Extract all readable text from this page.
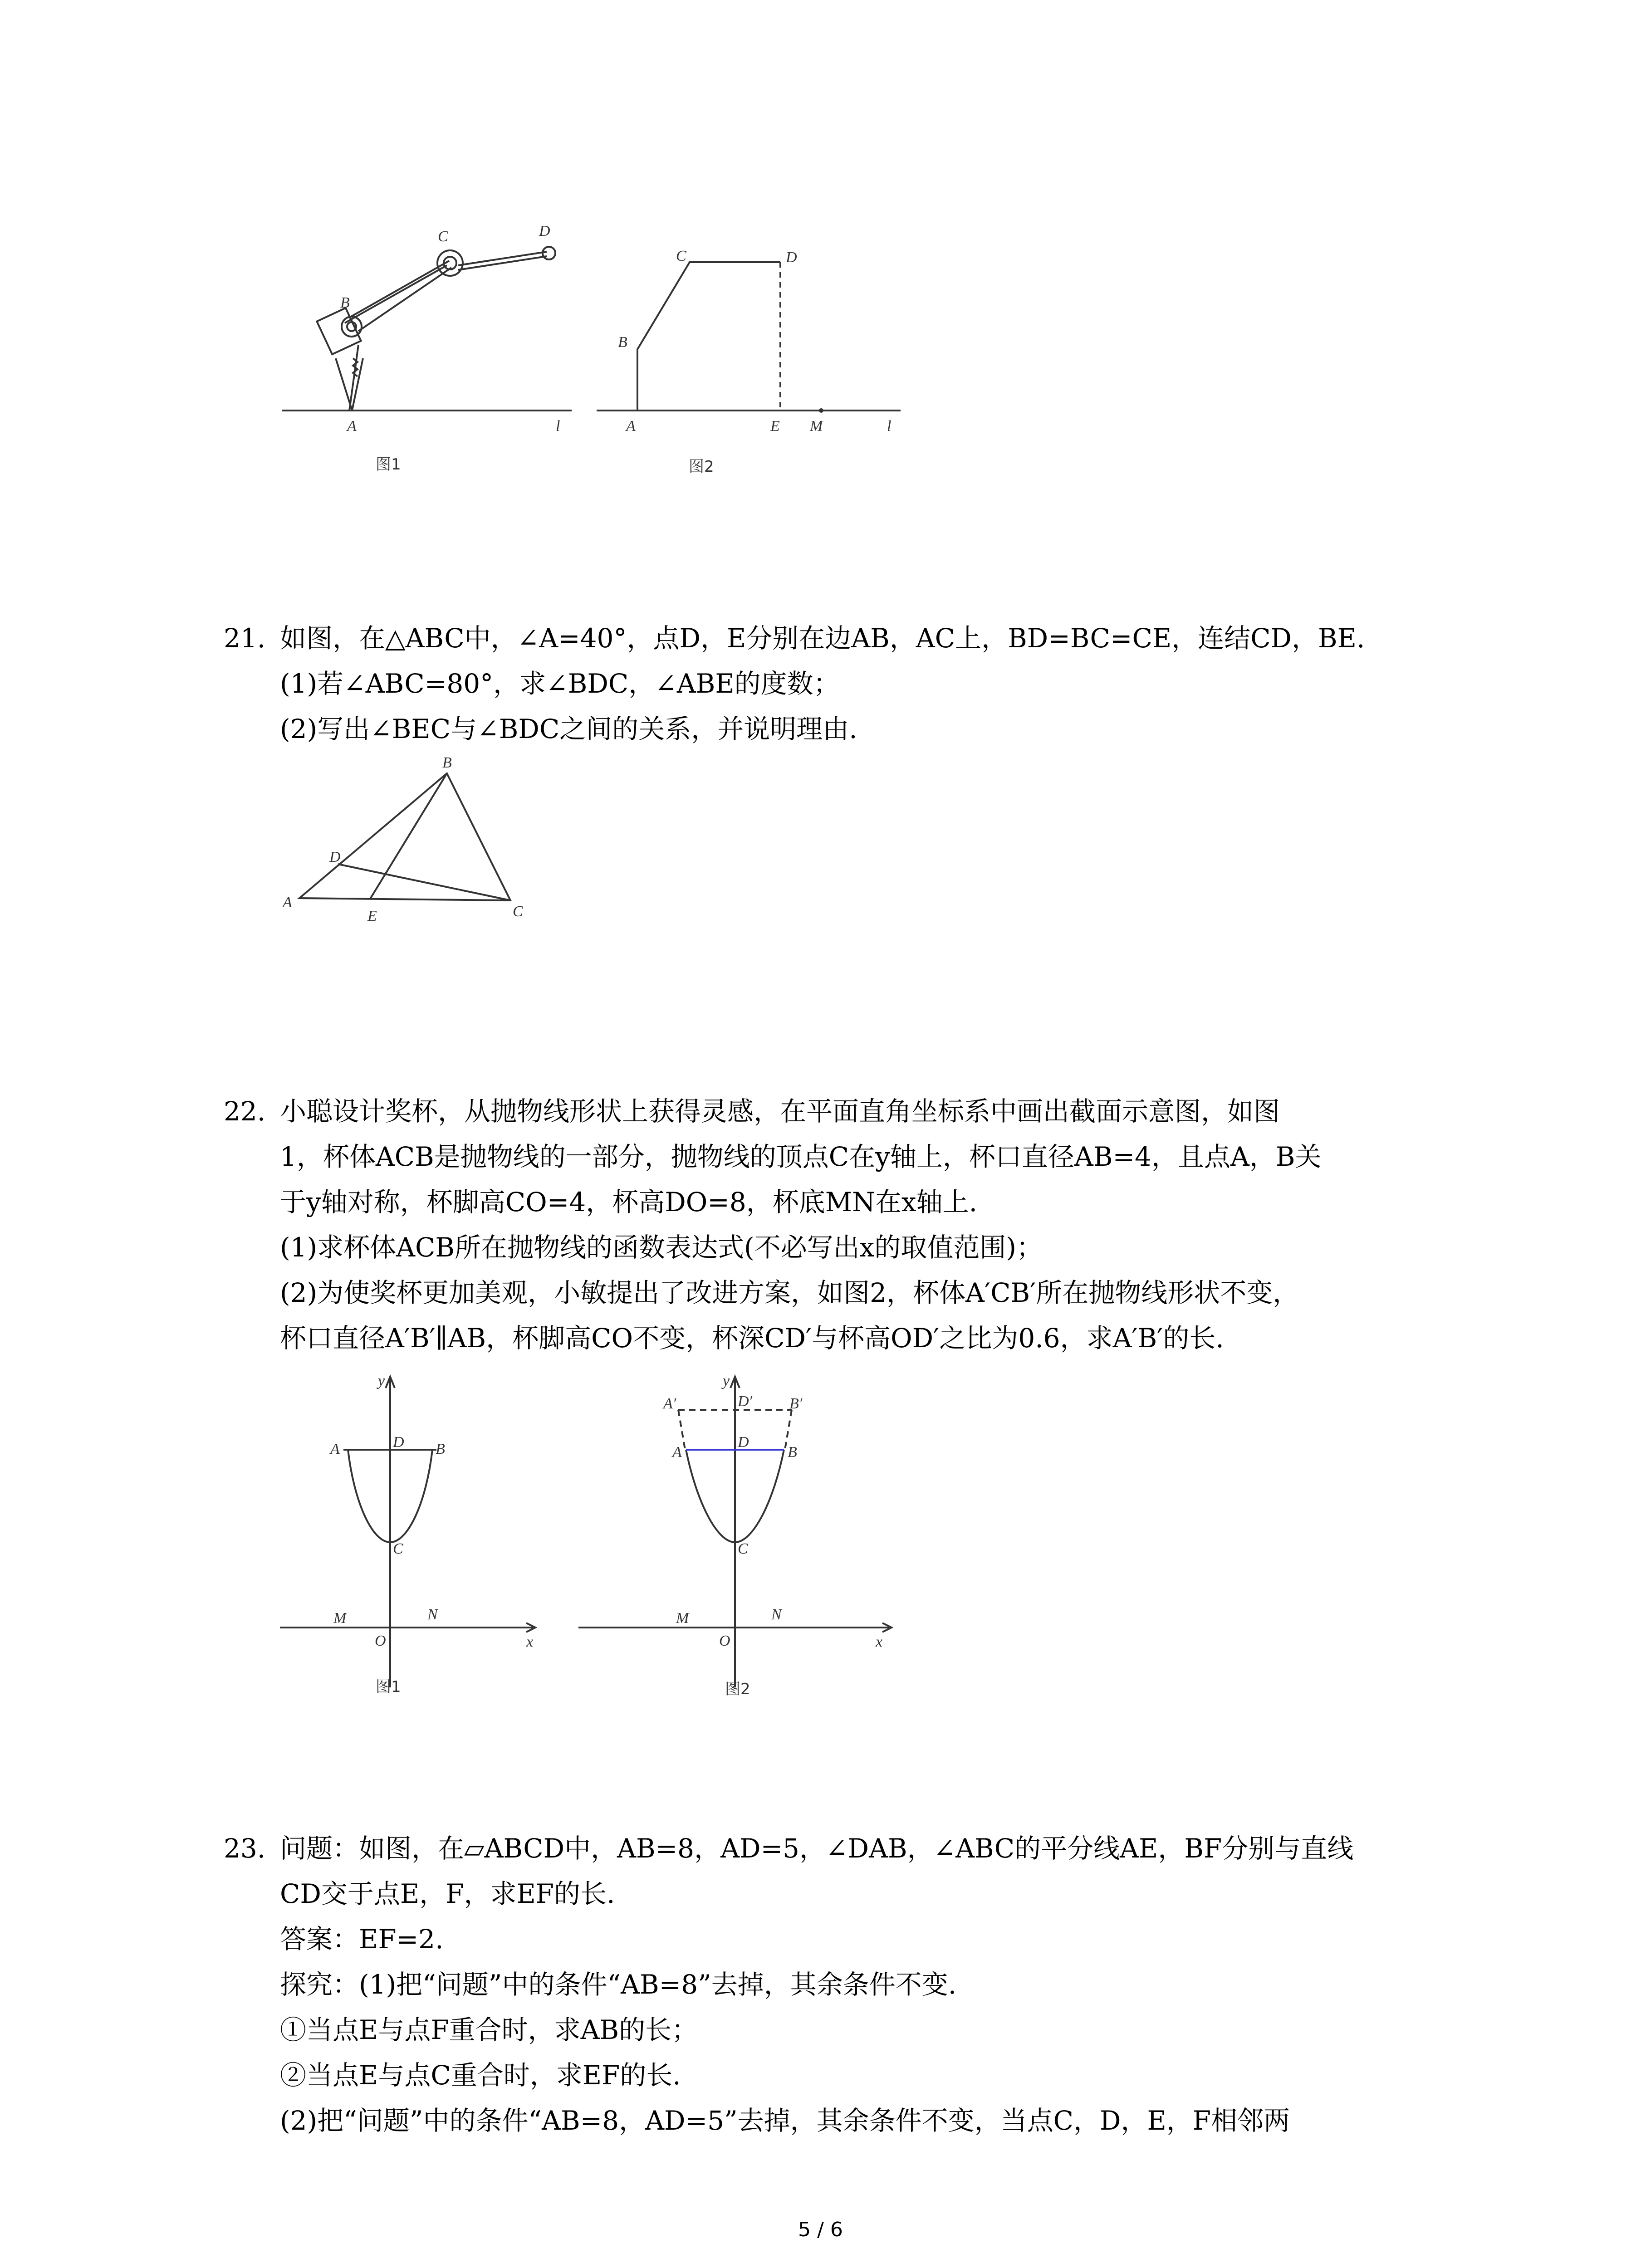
A
B
C	D
l
图1
A
B
C	D
E M	l
图2
21. 如图，在△ABC中，∠A=40°，点D，E分别在边AB，AC上，BD=BC=CE，连结CD，BE.
(1)若∠ABC=80°，求∠BDC，∠ABE的度数；
(2)写出∠BEC与∠BDC之间的关系，并说明理由.
A
B
C
D
E
22. 小聪设计奖杯，从抛物线形状上获得灵感，在平面直角坐标系中画出截面示意图，如图
1，杯体ACB是抛物线的一部分，抛物线的顶点C在y轴上，杯口直径AB=4，且点A，B关
于y轴对称，杯脚高CO=4，杯高DO=8，杯底MN在x轴上.
(1)求杯体ACB所在抛物线的函数表达式(不必写出x的取值范围)；
(2)为使奖杯更加美观，小敏提出了改进方案，如图2，杯体A′CB′所在抛物线形状不变，
杯口直径A′B′∥AB，杯脚高CO不变，杯深CD′与杯高OD′之比为0.6，求A′B′的长.
A	D B
C
M	N
O	x
y
图1
A′	D′ B′
A
D
B
C
M	N
O	x
y
图2
23. 问题：如图，在▱ABCD中，AB=8，AD=5，∠DAB，∠ABC的平分线AE，BF分别与直线
CD交于点E，F，求EF的长.
答案：EF=2.
探究：(1)把“问题”中的条件“AB=8”去掉，其余条件不变.
①当点E与点F重合时，求AB的长；
②当点E与点C重合时，求EF的长.
(2)把“问题”中的条件“AB=8，AD=5”去掉，其余条件不变，当点C，D，E，F相邻两
5 / 6
